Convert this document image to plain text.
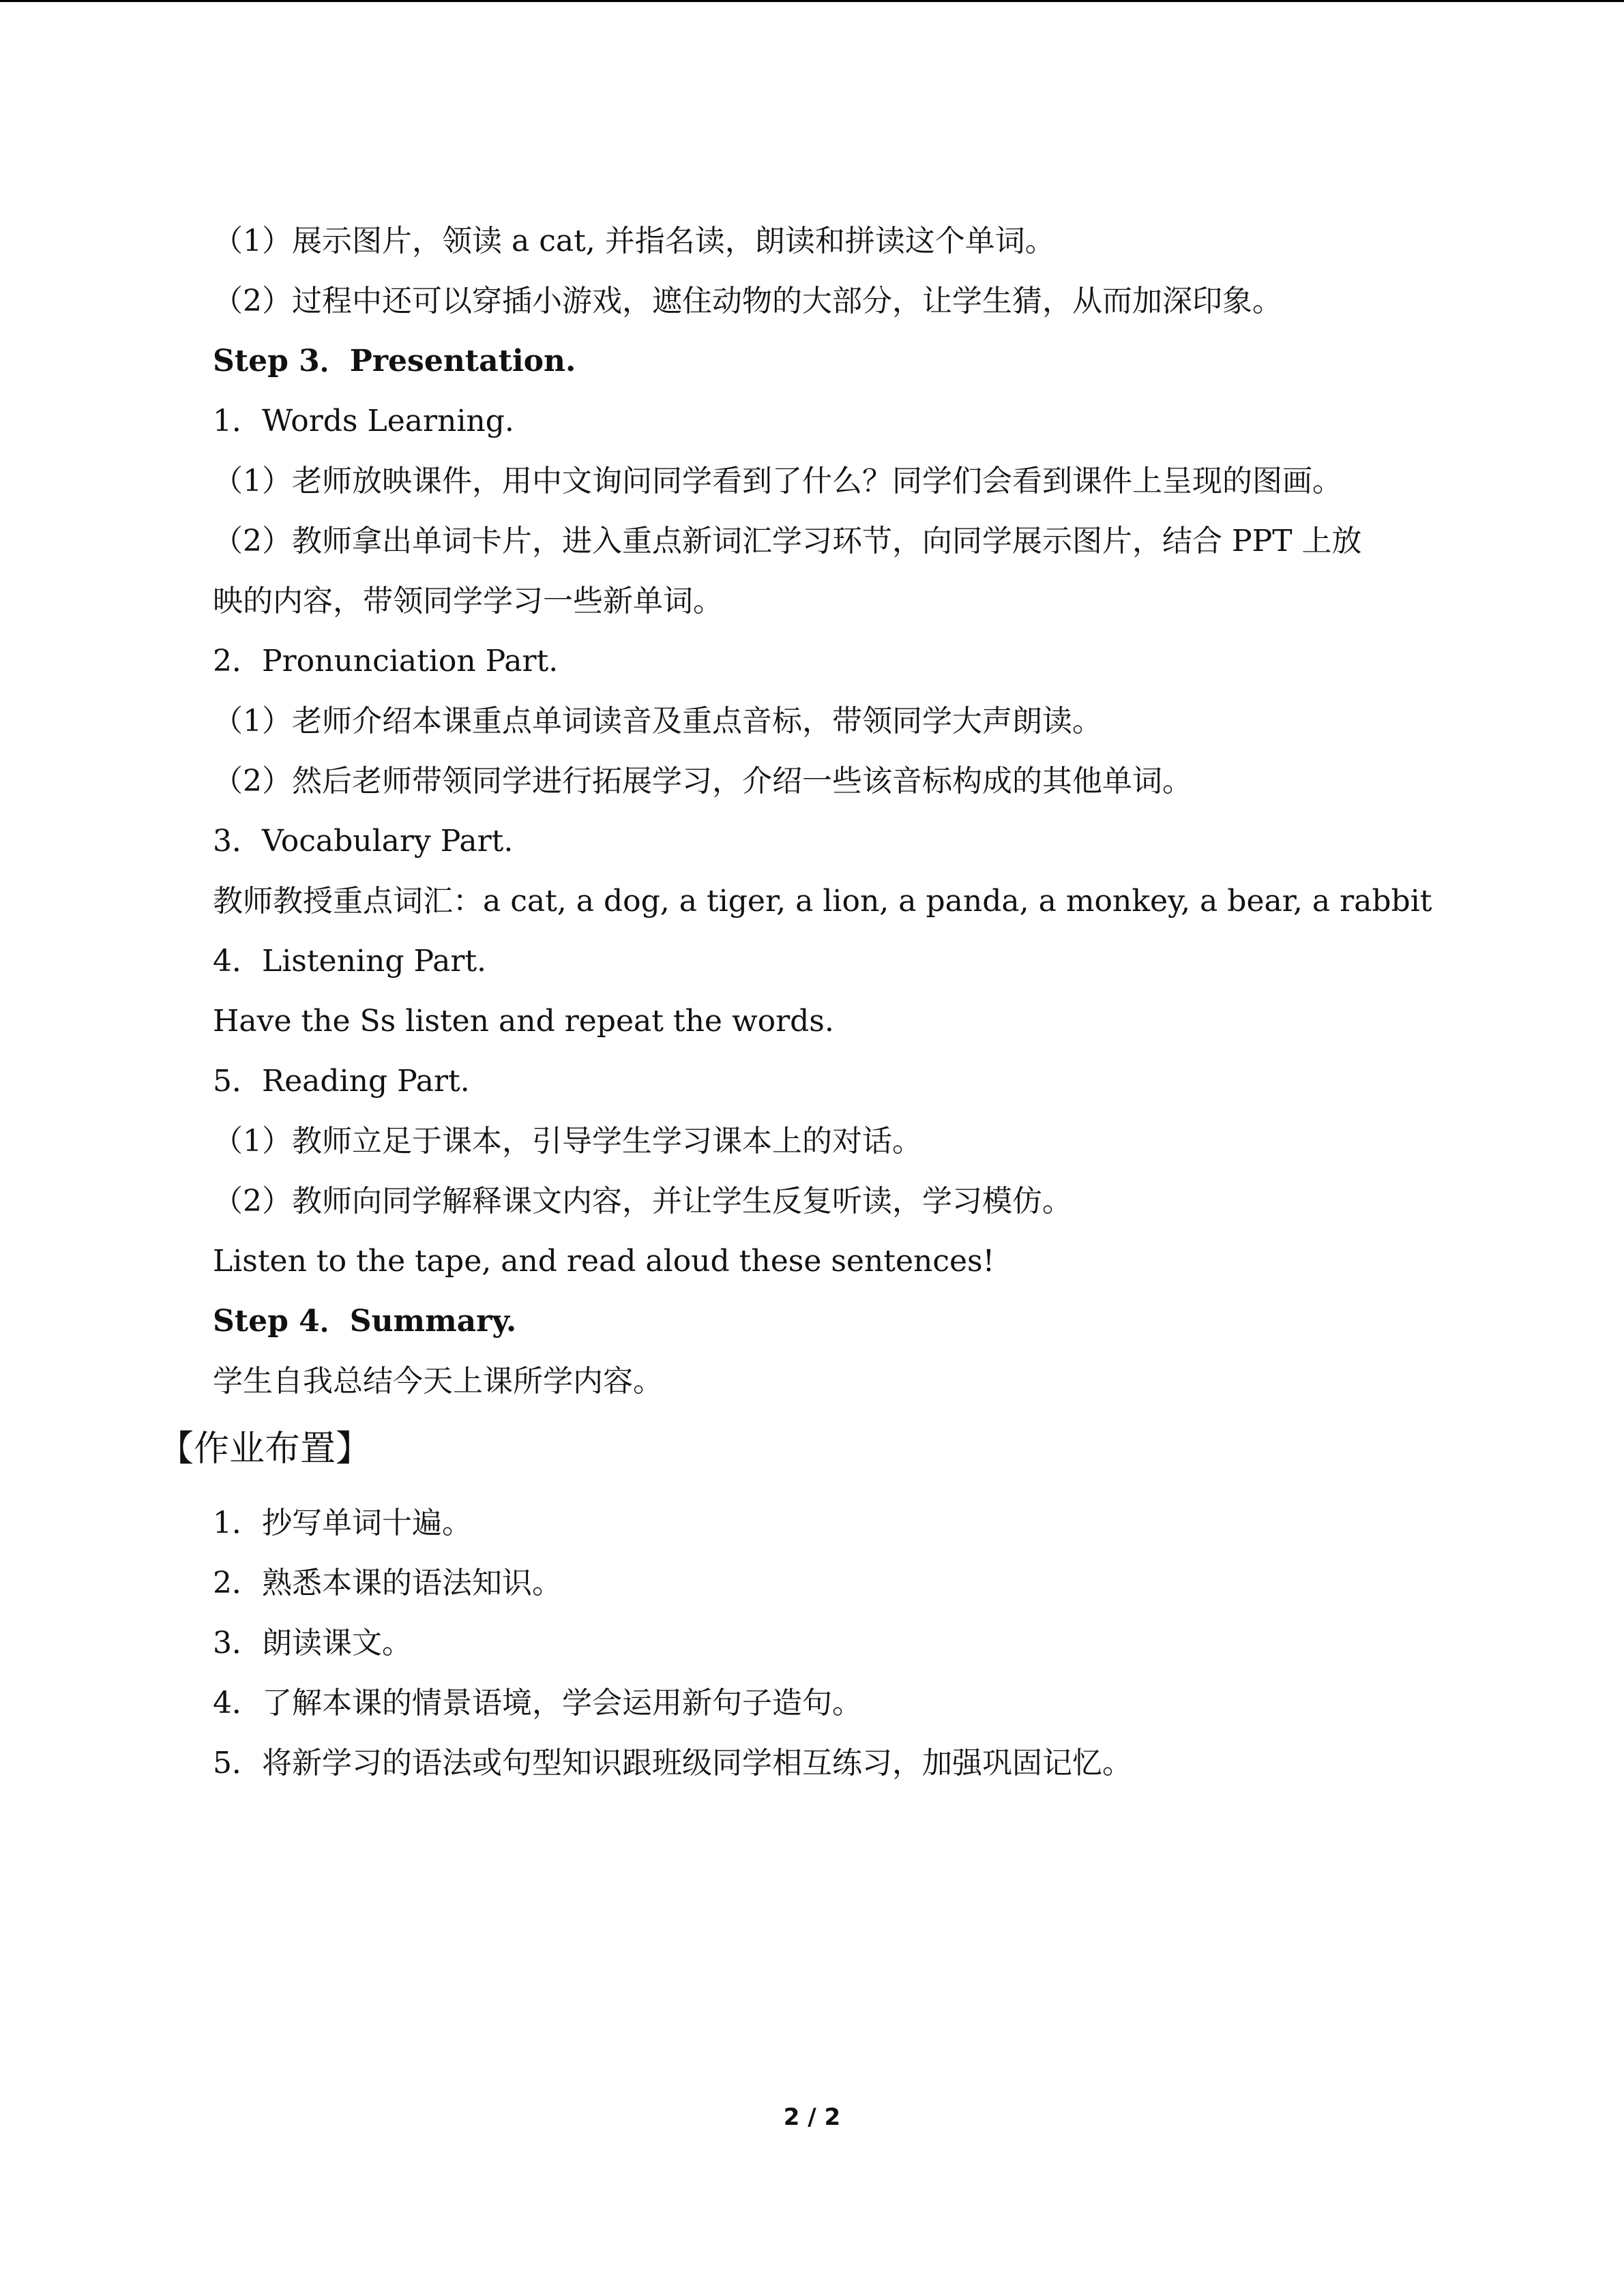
（1）展示图片，领读 a cat, 并指名读，朗读和拼读这个单词。
（2）过程中还可以穿插小游戏，遮住动物的大部分，让学生猜，从而加深印象。
Step 3．Presentation.
1．Words Learning.
（1）老师放映课件，用中文询问同学看到了什么？同学们会看到课件上呈现的图画。
（2）教师拿出单词卡片，进入重点新词汇学习环节，向同学展示图片，结合 PPT 上放
映的内容，带领同学学习一些新单词。
2．Pronunciation Part.
（1）老师介绍本课重点单词读音及重点音标，带领同学大声朗读。
（2）然后老师带领同学进行拓展学习，介绍一些该音标构成的其他单词。
3．Vocabulary Part.
教师教授重点词汇：a cat, a dog, a tiger, a lion, a panda, a monkey, a bear, a rabbit
4．Listening Part.
Have the Ss listen and repeat the words.
5．Reading Part.
（1）教师立足于课本，引导学生学习课本上的对话。
（2）教师向同学解释课文内容，并让学生反复听读，学习模仿。
Listen to the tape, and read aloud these sentences!
Step 4．Summary.
学生自我总结今天上课所学内容。
【作业布置】
1．抄写单词十遍。
2．熟悉本课的语法知识。
3．朗读课文。
4．了解本课的情景语境，学会运用新句子造句。
5．将新学习的语法或句型知识跟班级同学相互练习，加强巩固记忆。
2 / 2
